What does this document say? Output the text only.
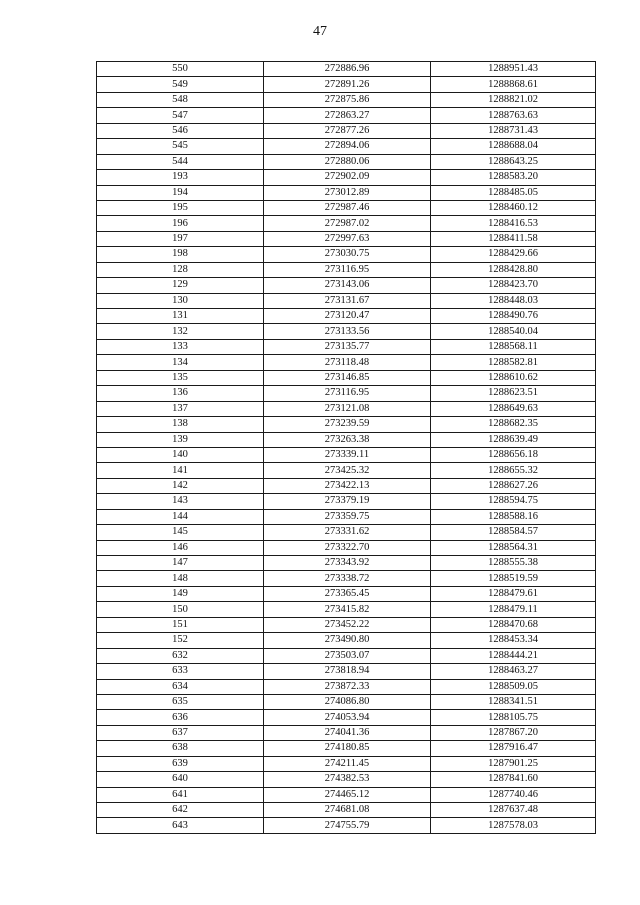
47
550	272886.96	1288951.43
549	272891.26	1288868.61
548	272875.86	1288821.02
547	272863.27	1288763.63
546	272877.26	1288731.43
545	272894.06	1288688.04
544	272880.06	1288643.25
193	272902.09	1288583.20
194	273012.89	1288485.05
195	272987.46	1288460.12
196	272987.02	1288416.53
197	272997.63	1288411.58
198	273030.75	1288429.66
128	273116.95	1288428.80
129	273143.06	1288423.70
130	273131.67	1288448.03
131	273120.47	1288490.76
132	273133.56	1288540.04
133	273135.77	1288568.11
134	273118.48	1288582.81
135	273146.85	1288610.62
136	273116.95	1288623.51
137	273121.08	1288649.63
138	273239.59	1288682.35
139	273263.38	1288639.49
140	273339.11	1288656.18
141	273425.32	1288655.32
142	273422.13	1288627.26
143	273379.19	1288594.75
144	273359.75	1288588.16
145	273331.62	1288584.57
146	273322.70	1288564.31
147	273343.92	1288555.38
148	273338.72	1288519.59
149	273365.45	1288479.61
150	273415.82	1288479.11
151	273452.22	1288470.68
152	273490.80	1288453.34
632	273503.07	1288444.21
633	273818.94	1288463.27
634	273872.33	1288509.05
635	274086.80	1288341.51
636	274053.94	1288105.75
637	274041.36	1287867.20
638	274180.85	1287916.47
639	274211.45	1287901.25
640	274382.53	1287841.60
641	274465.12	1287740.46
642	274681.08	1287637.48
643	274755.79	1287578.03
